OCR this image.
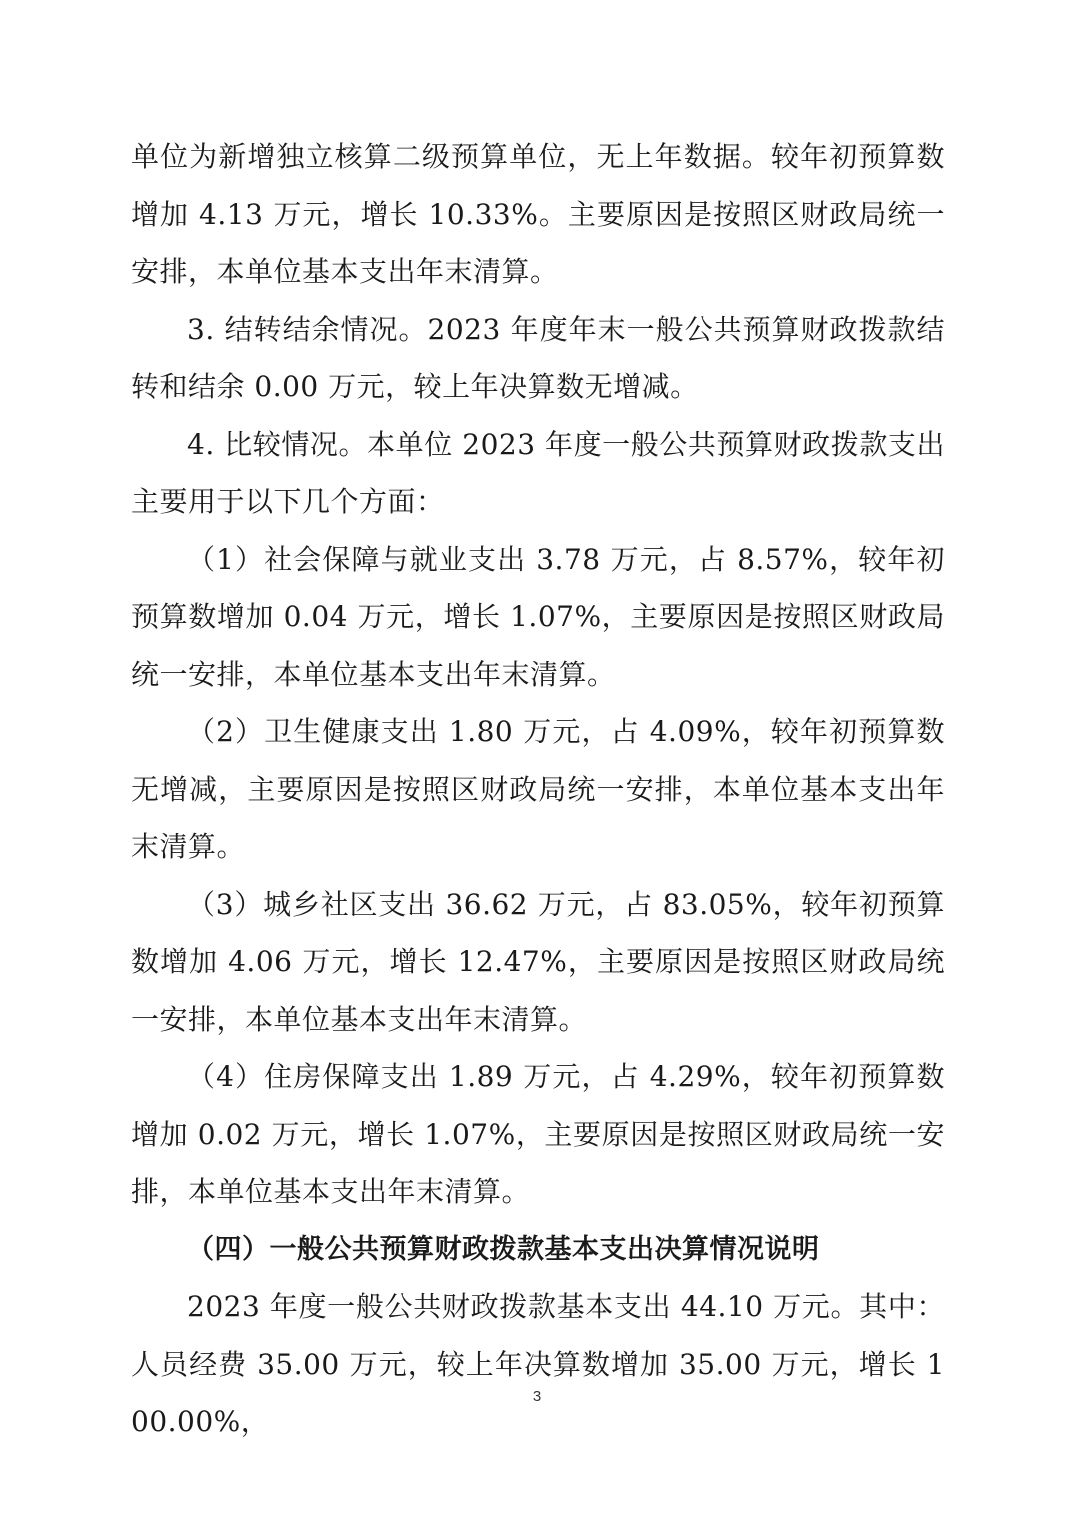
单位为新增独立核算二级预算单位，无上年数据。较年初预算数增加 4.13 万元，增长 10.33%。主要原因是按照区财政局统一安排，本单位基本支出年末清算。

3. 结转结余情况。2023 年度年末一般公共预算财政拨款结转和结余 0.00 万元，较上年决算数无增减。

4. 比较情况。本单位 2023 年度一般公共预算财政拨款支出主要用于以下几个方面：

（1）社会保障与就业支出 3.78 万元，占 8.57%，较年初预算数增加 0.04 万元，增长 1.07%，主要原因是按照区财政局统一安排，本单位基本支出年末清算。

（2）卫生健康支出 1.80 万元，占 4.09%，较年初预算数无增减，主要原因是按照区财政局统一安排，本单位基本支出年末清算。

（3）城乡社区支出 36.62 万元，占 83.05%，较年初预算数增加 4.06 万元，增长 12.47%，主要原因是按照区财政局统一安排，本单位基本支出年末清算。

（4）住房保障支出 1.89 万元，占 4.29%，较年初预算数增加 0.02 万元，增长 1.07%，主要原因是按照区财政局统一安排，本单位基本支出年末清算。

（四）一般公共预算财政拨款基本支出决算情况说明

2023 年度一般公共财政拨款基本支出 44.10 万元。其中：人员经费 35.00 万元，较上年决算数增加 35.00 万元，增长 100.00%，

3
